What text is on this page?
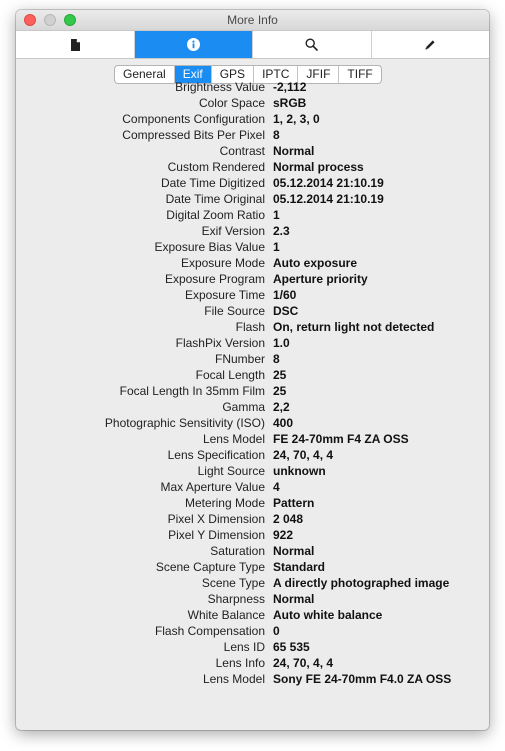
More Info
General	Exif	GPS	IPTC	JFIF	TIFF
Brightness Value -2,112
Color Space sRGB
Components Configuration 1, 2, 3, 0
Compressed Bits Per Pixel 8
Contrast Normal
Custom Rendered Normal process
Date Time Digitized 05.12.2014 21:10.19
Date Time Original 05.12.2014 21:10.19
Digital Zoom Ratio 1
Exif Version 2.3
Exposure Bias Value 1
Exposure Mode Auto exposure
Exposure Program Aperture priority
Exposure Time 1/60
File Source DSC
Flash On, return light not detected
FlashPix Version 1.0
FNumber 8
Focal Length 25
Focal Length In 35mm Film 25
Gamma 2,2
Photographic Sensitivity (ISO) 400
Lens Model FE 24-70mm F4 ZA OSS
Lens Specification 24, 70, 4, 4
Light Source unknown
Max Aperture Value 4
Metering Mode Pattern
Pixel X Dimension 2 048
Pixel Y Dimension 922
Saturation Normal
Scene Capture Type Standard
Scene Type A directly photographed image
Sharpness Normal
White Balance Auto white balance
Flash Compensation 0
Lens ID 65 535
Lens Info 24, 70, 4, 4
Lens Model Sony FE 24-70mm F4.0 ZA OSS
